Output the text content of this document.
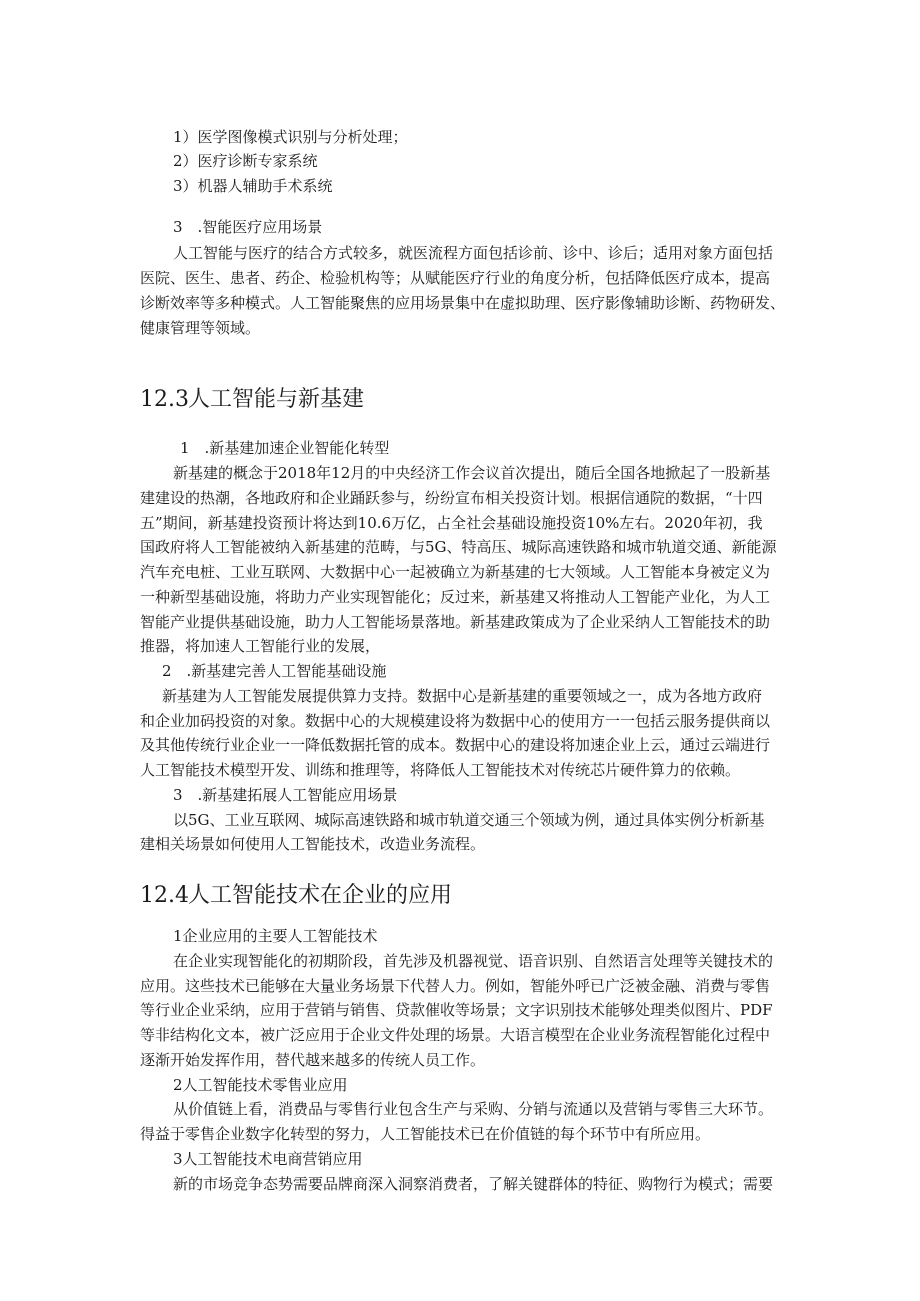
1）医学图像模式识别与分析处理；
2）医疗诊断专家系统
3）机器人辅助手术系统
3　.智能医疗应用场景
人工智能与医疗的结合方式较多，就医流程方面包括诊前、诊中、诊后；适用对象方面包括
医院、医生、患者、药企、检验机构等；从赋能医疗行业的角度分析，包括降低医疗成本，提高
诊断效率等多种模式。人工智能聚焦的应用场景集中在虚拟助理、医疗影像辅助诊断、药物研发、
健康管理等领域。
12.3人工智能与新基建
1　.新基建加速企业智能化转型
新基建的概念于2018年12月的中央经济工作会议首次提出，随后全国各地掀起了一股新基
建建设的热潮，各地政府和企业踊跃参与，纷纷宣布相关投资计划。根据信通院的数据，“十四
五”期间，新基建投资预计将达到10.6万亿，占全社会基础设施投资10%左右。2020年初，我
国政府将人工智能被纳入新基建的范畴，与5G、特高压、城际高速铁路和城市轨道交通、新能源
汽车充电桩、工业互联网、大数据中心一起被确立为新基建的七大领域。人工智能本身被定义为
一种新型基础设施，将助力产业实现智能化；反过来，新基建又将推动人工智能产业化，为人工
智能产业提供基础设施，助力人工智能场景落地。新基建政策成为了企业采纳人工智能技术的助
推器，将加速人工智能行业的发展，
2　.新基建完善人工智能基础设施
新基建为人工智能发展提供算力支持。数据中心是新基建的重要领域之一，成为各地方政府
和企业加码投资的对象。数据中心的大规模建设将为数据中心的使用方一一包括云服务提供商以
及其他传统行业企业一一降低数据托管的成本。数据中心的建设将加速企业上云，通过云端进行
人工智能技术模型开发、训练和推理等，将降低人工智能技术对传统芯片硬件算力的依赖。
3　.新基建拓展人工智能应用场景
以5G、工业互联网、城际高速铁路和城市轨道交通三个领域为例，通过具体实例分析新基
建相关场景如何使用人工智能技术，改造业务流程。
12.4人工智能技术在企业的应用
1企业应用的主要人工智能技术
在企业实现智能化的初期阶段，首先涉及机器视觉、语音识别、自然语言处理等关键技术的
应用。这些技术已能够在大量业务场景下代替人力。例如，智能外呼已广泛被金融、消费与零售
等行业企业采纳，应用于营销与销售、贷款催收等场景；文字识别技术能够处理类似图片、PDF
等非结构化文本，被广泛应用于企业文件处理的场景。大语言模型在企业业务流程智能化过程中
逐渐开始发挥作用，替代越来越多的传统人员工作。
2人工智能技术零售业应用
从价值链上看，消费品与零售行业包含生产与采购、分销与流通以及营销与零售三大环节。
得益于零售企业数字化转型的努力，人工智能技术已在价值链的每个环节中有所应用。
3人工智能技术电商营销应用
新的市场竞争态势需要品牌商深入洞察消费者，了解关键群体的特征、购物行为模式；需要
